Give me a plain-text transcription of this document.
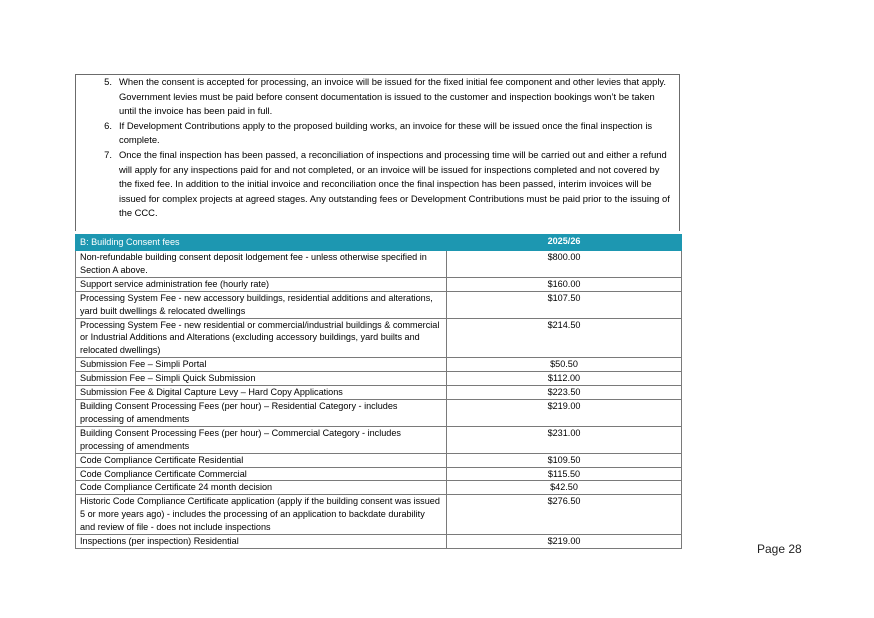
5. When the consent is accepted for processing, an invoice will be issued for the fixed initial fee component and other levies that apply. Government levies must be paid before consent documentation is issued to the customer and inspection bookings won’t be taken until the invoice has been paid in full.
6. If Development Contributions apply to the proposed building works, an invoice for these will be issued once the final inspection is complete.
7. Once the final inspection has been passed, a reconciliation of inspections and processing time will be carried out and either a refund will apply for any inspections paid for and not completed, or an invoice will be issued for inspections completed and not covered by the fixed fee. In addition to the initial invoice and reconciliation once the final inspection has been passed, interim invoices will be issued for complex projects at agreed stages. Any outstanding fees or Development Contributions must be paid prior to the issuing of the CCC.
B: Building Consent fees	2025/26
Non-refundable building consent deposit lodgement fee - unless otherwise specified in Section A above.	$800.00
Support service administration fee (hourly rate)	$160.00
Processing System Fee - new accessory buildings, residential additions and alterations, yard built dwellings & relocated dwellings	$107.50
Processing System Fee - new residential or commercial/industrial buildings & commercial or Industrial Additions and Alterations (excluding accessory buildings, yard builts and relocated dwellings)	$214.50
Submission Fee – Simpli Portal	$50.50
Submission Fee – Simpli Quick Submission	$112.00
Submission Fee & Digital Capture Levy – Hard Copy Applications	$223.50
Building Consent Processing Fees (per hour) – Residential Category - includes processing of amendments	$219.00
Building Consent Processing Fees (per hour) – Commercial Category - includes processing of amendments	$231.00
Code Compliance Certificate Residential	$109.50
Code Compliance Certificate Commercial	$115.50
Code Compliance Certificate 24 month decision	$42.50
Historic Code Compliance Certificate application (apply if the building consent was issued 5 or more years ago) - includes the processing of an application to backdate durability and review of file - does not include inspections	$276.50
Inspections (per inspection) Residential	$219.00
Page 28
